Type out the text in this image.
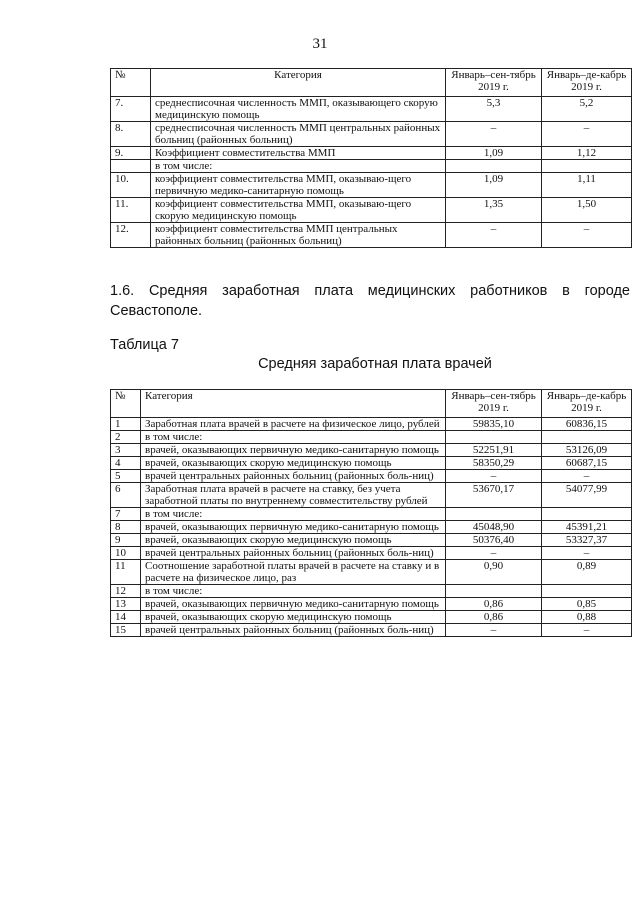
31
№	Категория	Январь–сен-тябрь 2019 г.	Январь–де-кабрь 2019 г.
7.	среднесписочная численность ММП, оказывающего скорую медицинскую помощь	5,3	5,2
8.	среднесписочная численность ММП центральных районных больниц (районных больниц)	–	–
9.	Коэффициент совместительства ММП	1,09	1,12
	в том числе:		
10.	коэффициент совместительства ММП, оказываю-щего первичную медико-санитарную помощь	1,09	1,11
11.	коэффициент совместительства ММП, оказываю-щего скорую медицинскую помощь	1,35	1,50
12.	коэффициент совместительства ММП центральных районных больниц (районных больниц)	–	–
1.6. Средняя заработная плата медицинских работников в городе Севастополе.
Таблица 7
Средняя заработная плата врачей
№	Категория	Январь–сен-тябрь 2019 г.	Январь–де-кабрь 2019 г.
1	Заработная плата врачей в расчете на физическое лицо, рублей	59835,10	60836,15
2	в том числе:		
3	врачей, оказывающих первичную медико-санитарную помощь	52251,91	53126,09
4	врачей, оказывающих скорую медицинскую помощь	58350,29	60687,15
5	врачей центральных районных больниц (районных боль-ниц)	–	–
6	Заработная плата врачей в расчете на ставку, без учета заработной платы по внутреннему совместительству рублей	53670,17	54077,99
7	в том числе:		
8	врачей, оказывающих первичную медико-санитарную помощь	45048,90	45391,21
9	врачей, оказывающих скорую медицинскую помощь	50376,40	53327,37
10	врачей центральных районных больниц (районных боль-ниц)	–	–
11	Соотношение заработной платы врачей в расчете на ставку и в расчете на физическое лицо, раз	0,90	0,89
12	в том числе:		
13	врачей, оказывающих первичную медико-санитарную помощь	0,86	0,85
14	врачей, оказывающих скорую медицинскую помощь	0,86	0,88
15	врачей центральных районных больниц (районных боль-ниц)	–	–
